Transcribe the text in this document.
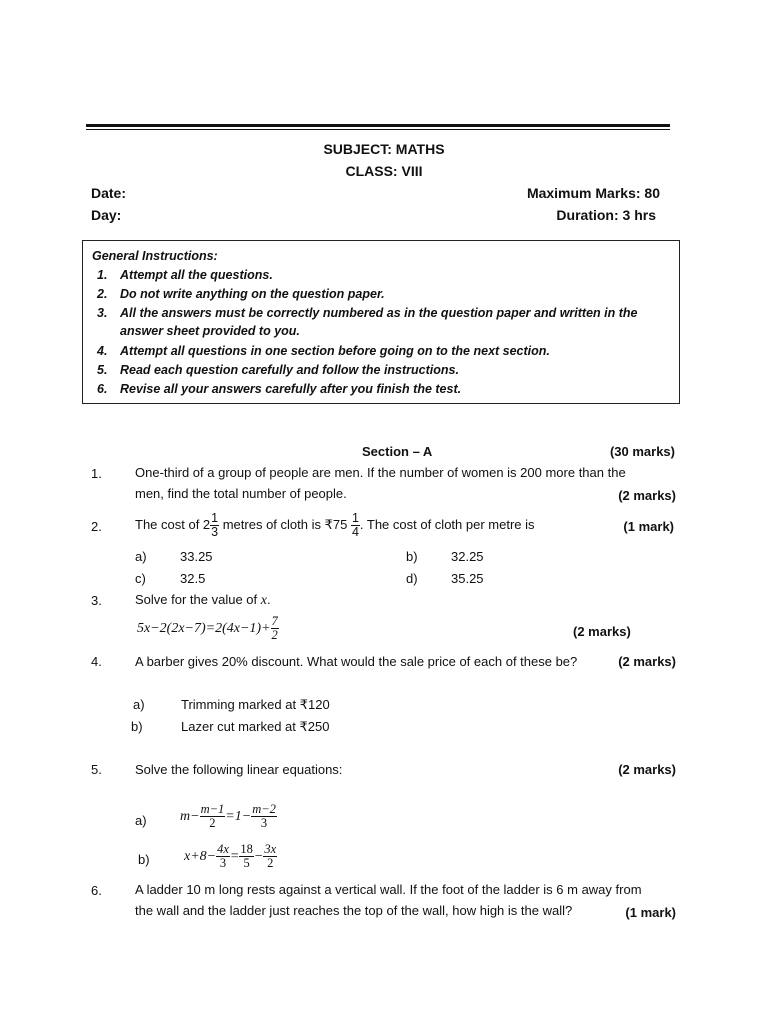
SUBJECT: MATHS
CLASS: VIII
Date:
Day:
Maximum Marks: 80
Duration: 3 hrs
General Instructions:
1. Attempt all the questions.
2. Do not write anything on the question paper.
3. All the answers must be correctly numbered as in the question paper and written in the answer sheet provided to you.
4. Attempt all questions in one section before going on to the next section.
5. Read each question carefully and follow the instructions.
6. Revise all your answers carefully after you finish the test.
Section – A	(30 marks)
1.	One-third of a group of people are men. If the number of women is 200 more than the
men, find the total number of people.	(2 marks)
2.	The cost of $2 \frac{1}{3}$ metres of cloth is ₹75 $\frac{1}{4}$ . The cost of cloth per metre is	(1 mark)
a)	33.25	b)	32.25
c)	32.5	d)	35.25
3.	Solve for the value of x.
$5x-2(2x-7)=2(4x-1)+ \frac{7}{2}$	(2 marks)
4.	A barber gives 20% discount. What would the sale price of each of these be?	(2 marks)
a)	Trimming marked at ₹120
b)	Lazer cut marked at ₹250
5.	Solve the following linear equations:	(2 marks)
a) $m- \frac{m-1}{2} =1- \frac{m-2}{3}$
b) $x+8- \frac{4x}{3} = \frac{18}{5} - \frac{3x}{2}$
6.	A ladder 10 m long rests against a vertical wall. If the foot of the ladder is 6 m away from
the wall and the ladder just reaches the top of the wall, how high is the wall?	(1 mark)
